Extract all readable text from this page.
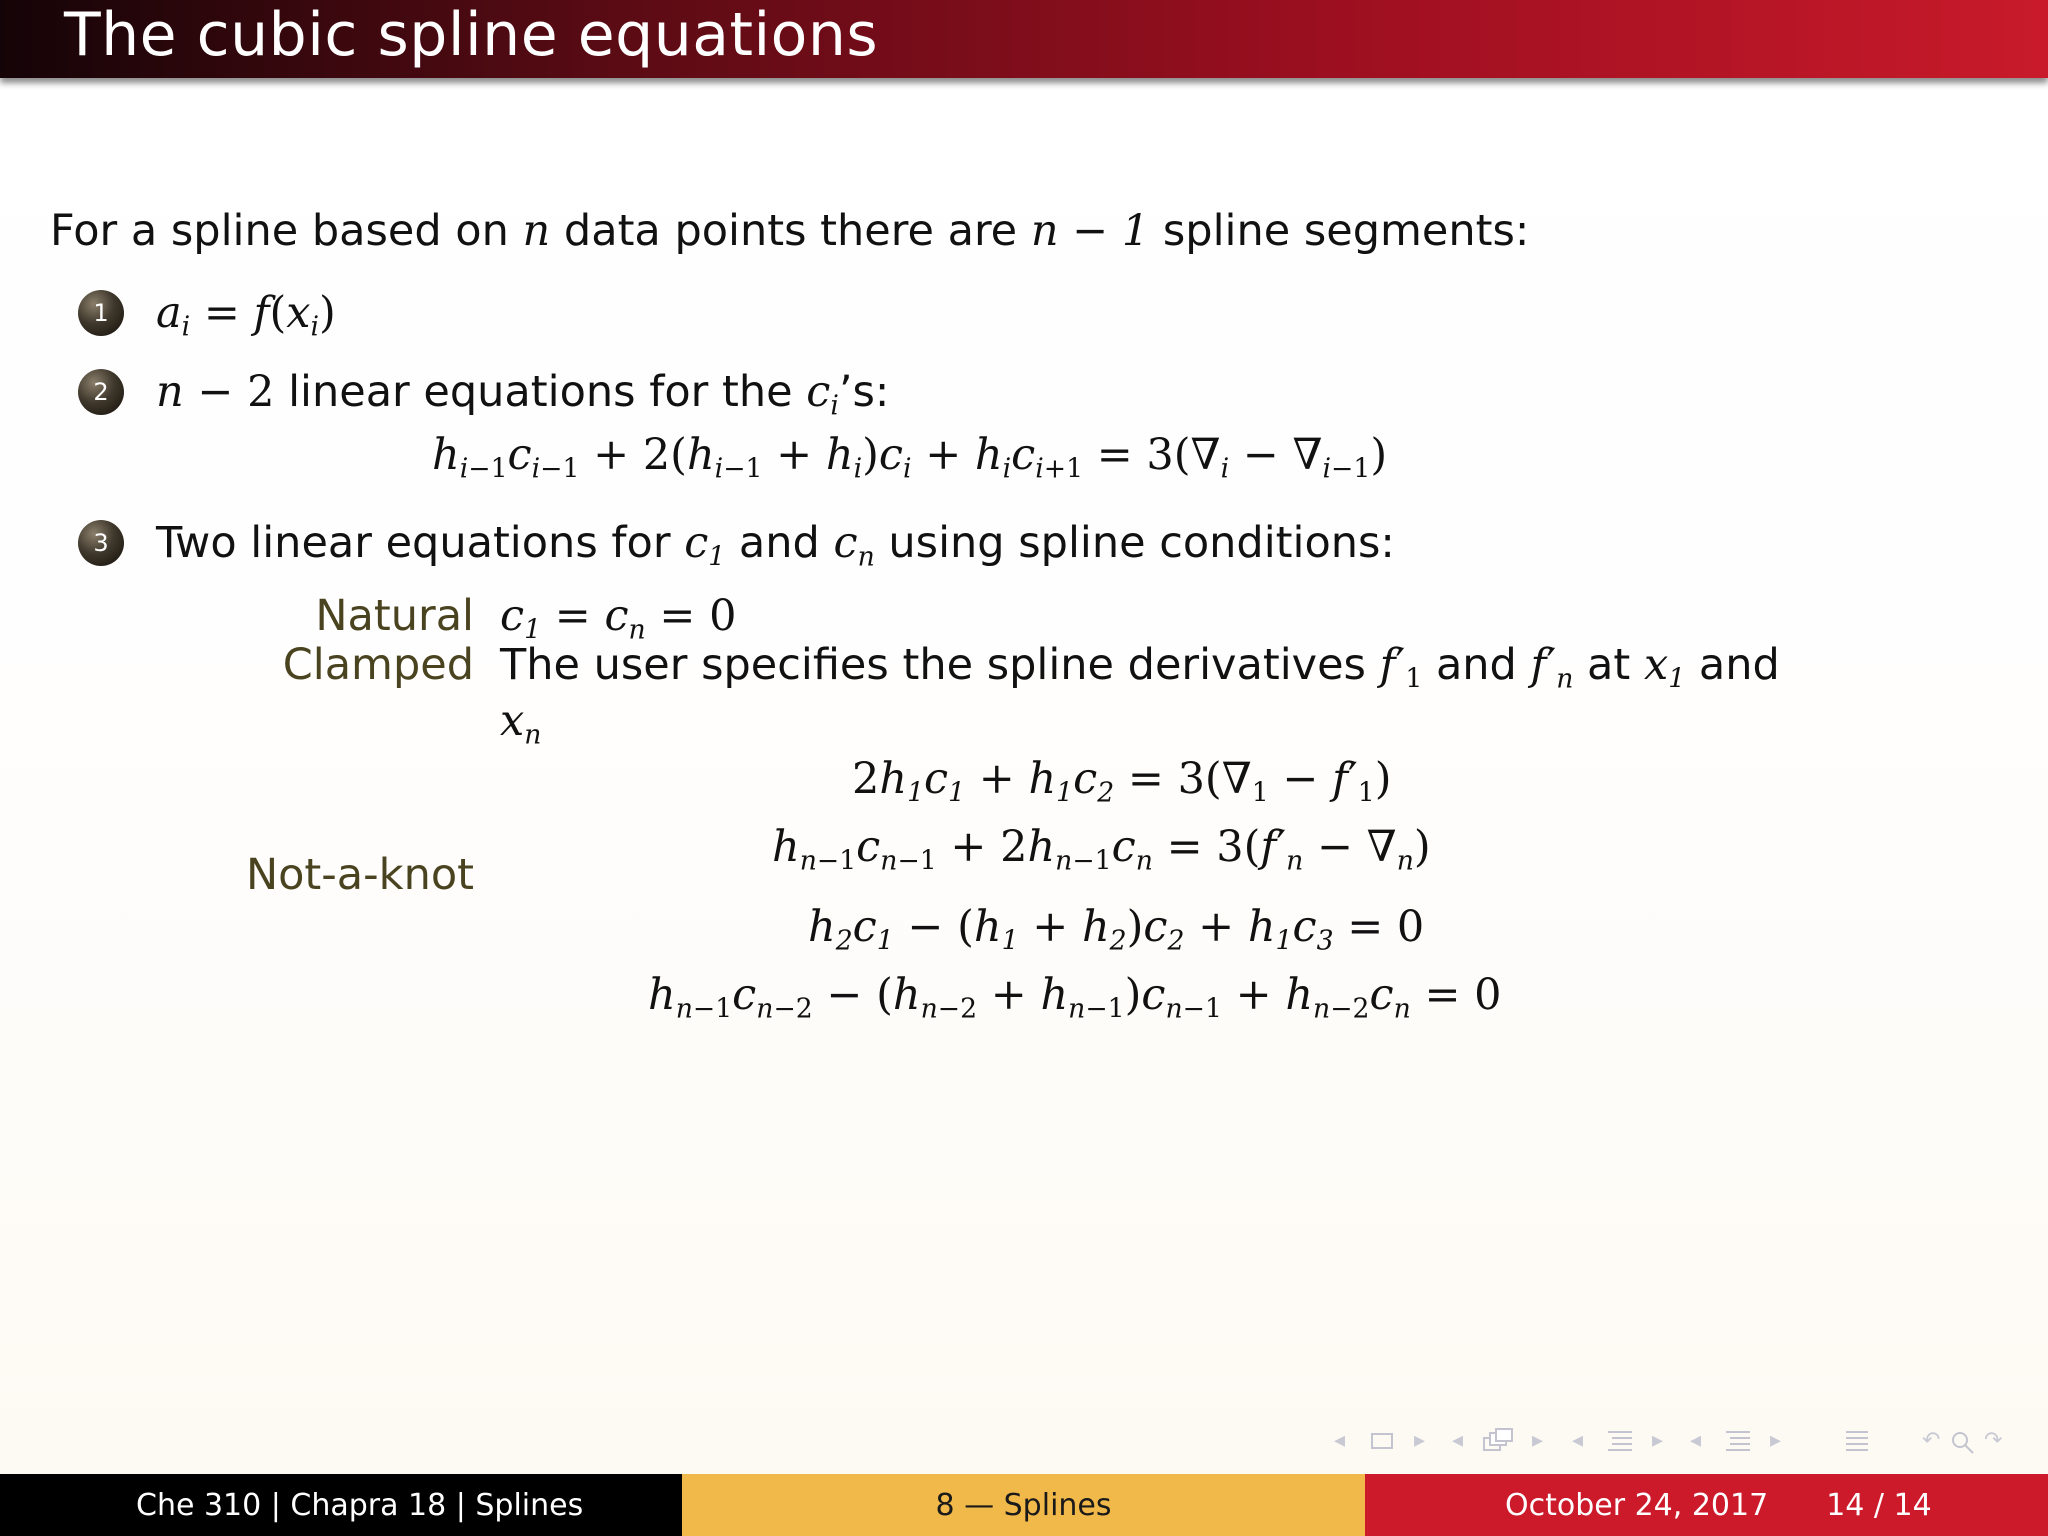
The cubic spline equations
For a spline based on n data points there are n − 1 spline segments:
1	$a_i = f(x_i)$
2	n − 2 linear equations for the $c_i’s$:
$h_{i-1}c_{i-1} + 2(h_{i-1} + h_i)c_i + h_ic_{i+1} = 3(\nabla_i - \nabla_{i-1})$
3	Two linear equations for $c_1$ and $c_n$ using spline conditions:
Natural $c_1 = c_n = 0$
Clamped The user specifies the spline derivatives $f'_1$ and $f'_n$ at $x_1$ and
$x_n$
$2h_1c_1 + h_1c_2 = 3(\nabla_1 - f'_1)$
$h_{n-1}c_{n-1} + 2h_{n-1}c_n = 3(f'_n - \nabla_n)$
Not-a-knot
$h_2c_1 - (h_1 + h_2)c_2 + h_1c_3 = 0$
$h_{n-1}c_{n-2} - (h_{n-2} + h_{n-1})c_{n-1} + h_{n-2}c_n = 0$
◂	▸ ◂	▸ ◂	▸ ◂	▸	↶ ↷
Che 310 | Chapra 18 | Splines	8 — Splines	October 24, 2017 14 / 14
